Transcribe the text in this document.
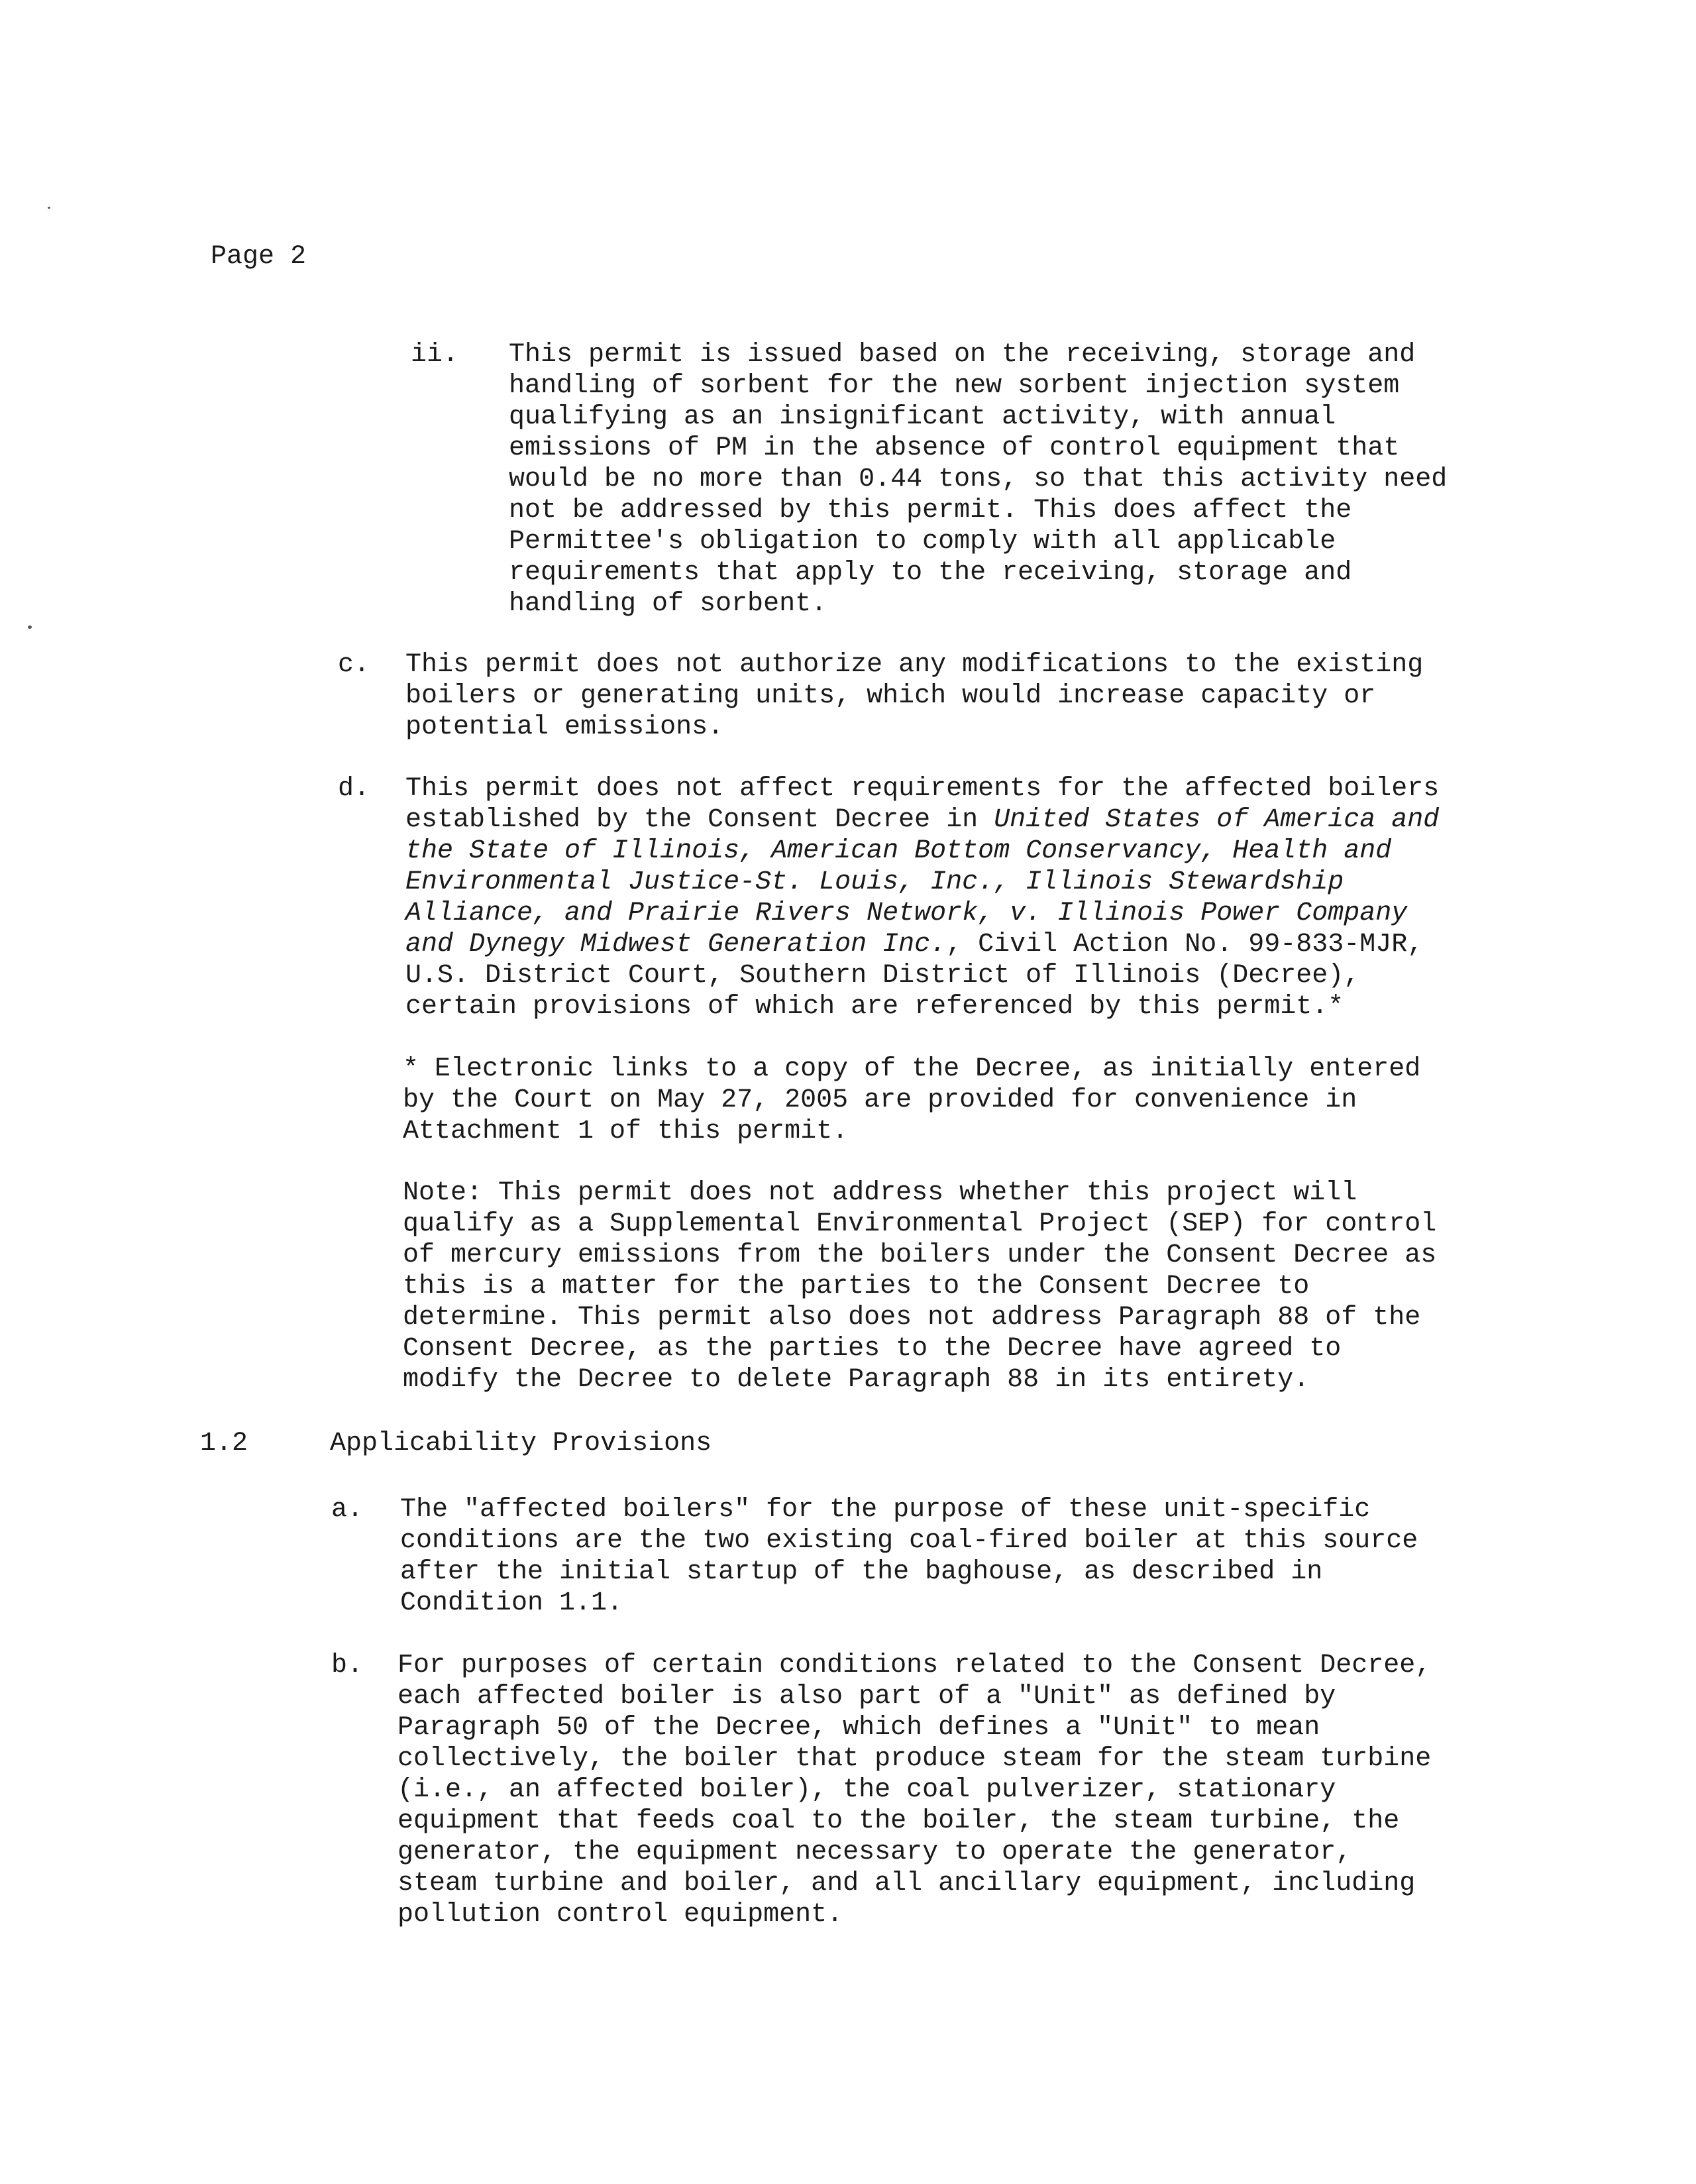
Page 2
ii. This permit is issued based on the receiving, storage and
handling of sorbent for the new sorbent injection system
qualifying as an insignificant activity, with annual
emissions of PM in the absence of control equipment that
would be no more than 0.44 tons, so that this activity need
not be addressed by this permit. This does affect the
Permittee's obligation to comply with all applicable
requirements that apply to the receiving, storage and
handling of sorbent.
c. This permit does not authorize any modifications to the existing
boilers or generating units, which would increase capacity or
potential emissions.
d. This permit does not affect requirements for the affected boilers
established by the Consent Decree in United States of America and
the State of Illinois, American Bottom Conservancy, Health and
Environmental Justice-St. Louis, Inc., Illinois Stewardship
Alliance, and Prairie Rivers Network, v. Illinois Power Company
and Dynegy Midwest Generation Inc., Civil Action No. 99-833-MJR,
U.S. District Court, Southern District of Illinois (Decree),
certain provisions of which are referenced by this permit.*
* Electronic links to a copy of the Decree, as initially entered
by the Court on May 27, 2005 are provided for convenience in
Attachment 1 of this permit.
Note: This permit does not address whether this project will
qualify as a Supplemental Environmental Project (SEP) for control
of mercury emissions from the boilers under the Consent Decree as
this is a matter for the parties to the Consent Decree to
determine. This permit also does not address Paragraph 88 of the
Consent Decree, as the parties to the Decree have agreed to
modify the Decree to delete Paragraph 88 in its entirety.
1.2	Applicability Provisions
a. The "affected boilers" for the purpose of these unit-specific
conditions are the two existing coal-fired boiler at this source
after the initial startup of the baghouse, as described in
Condition 1.1.
b. For purposes of certain conditions related to the Consent Decree,
each affected boiler is also part of a "Unit" as defined by
Paragraph 50 of the Decree, which defines a "Unit" to mean
collectively, the boiler that produce steam for the steam turbine
(i.e., an affected boiler), the coal pulverizer, stationary
equipment that feeds coal to the boiler, the steam turbine, the
generator, the equipment necessary to operate the generator,
steam turbine and boiler, and all ancillary equipment, including
pollution control equipment.
